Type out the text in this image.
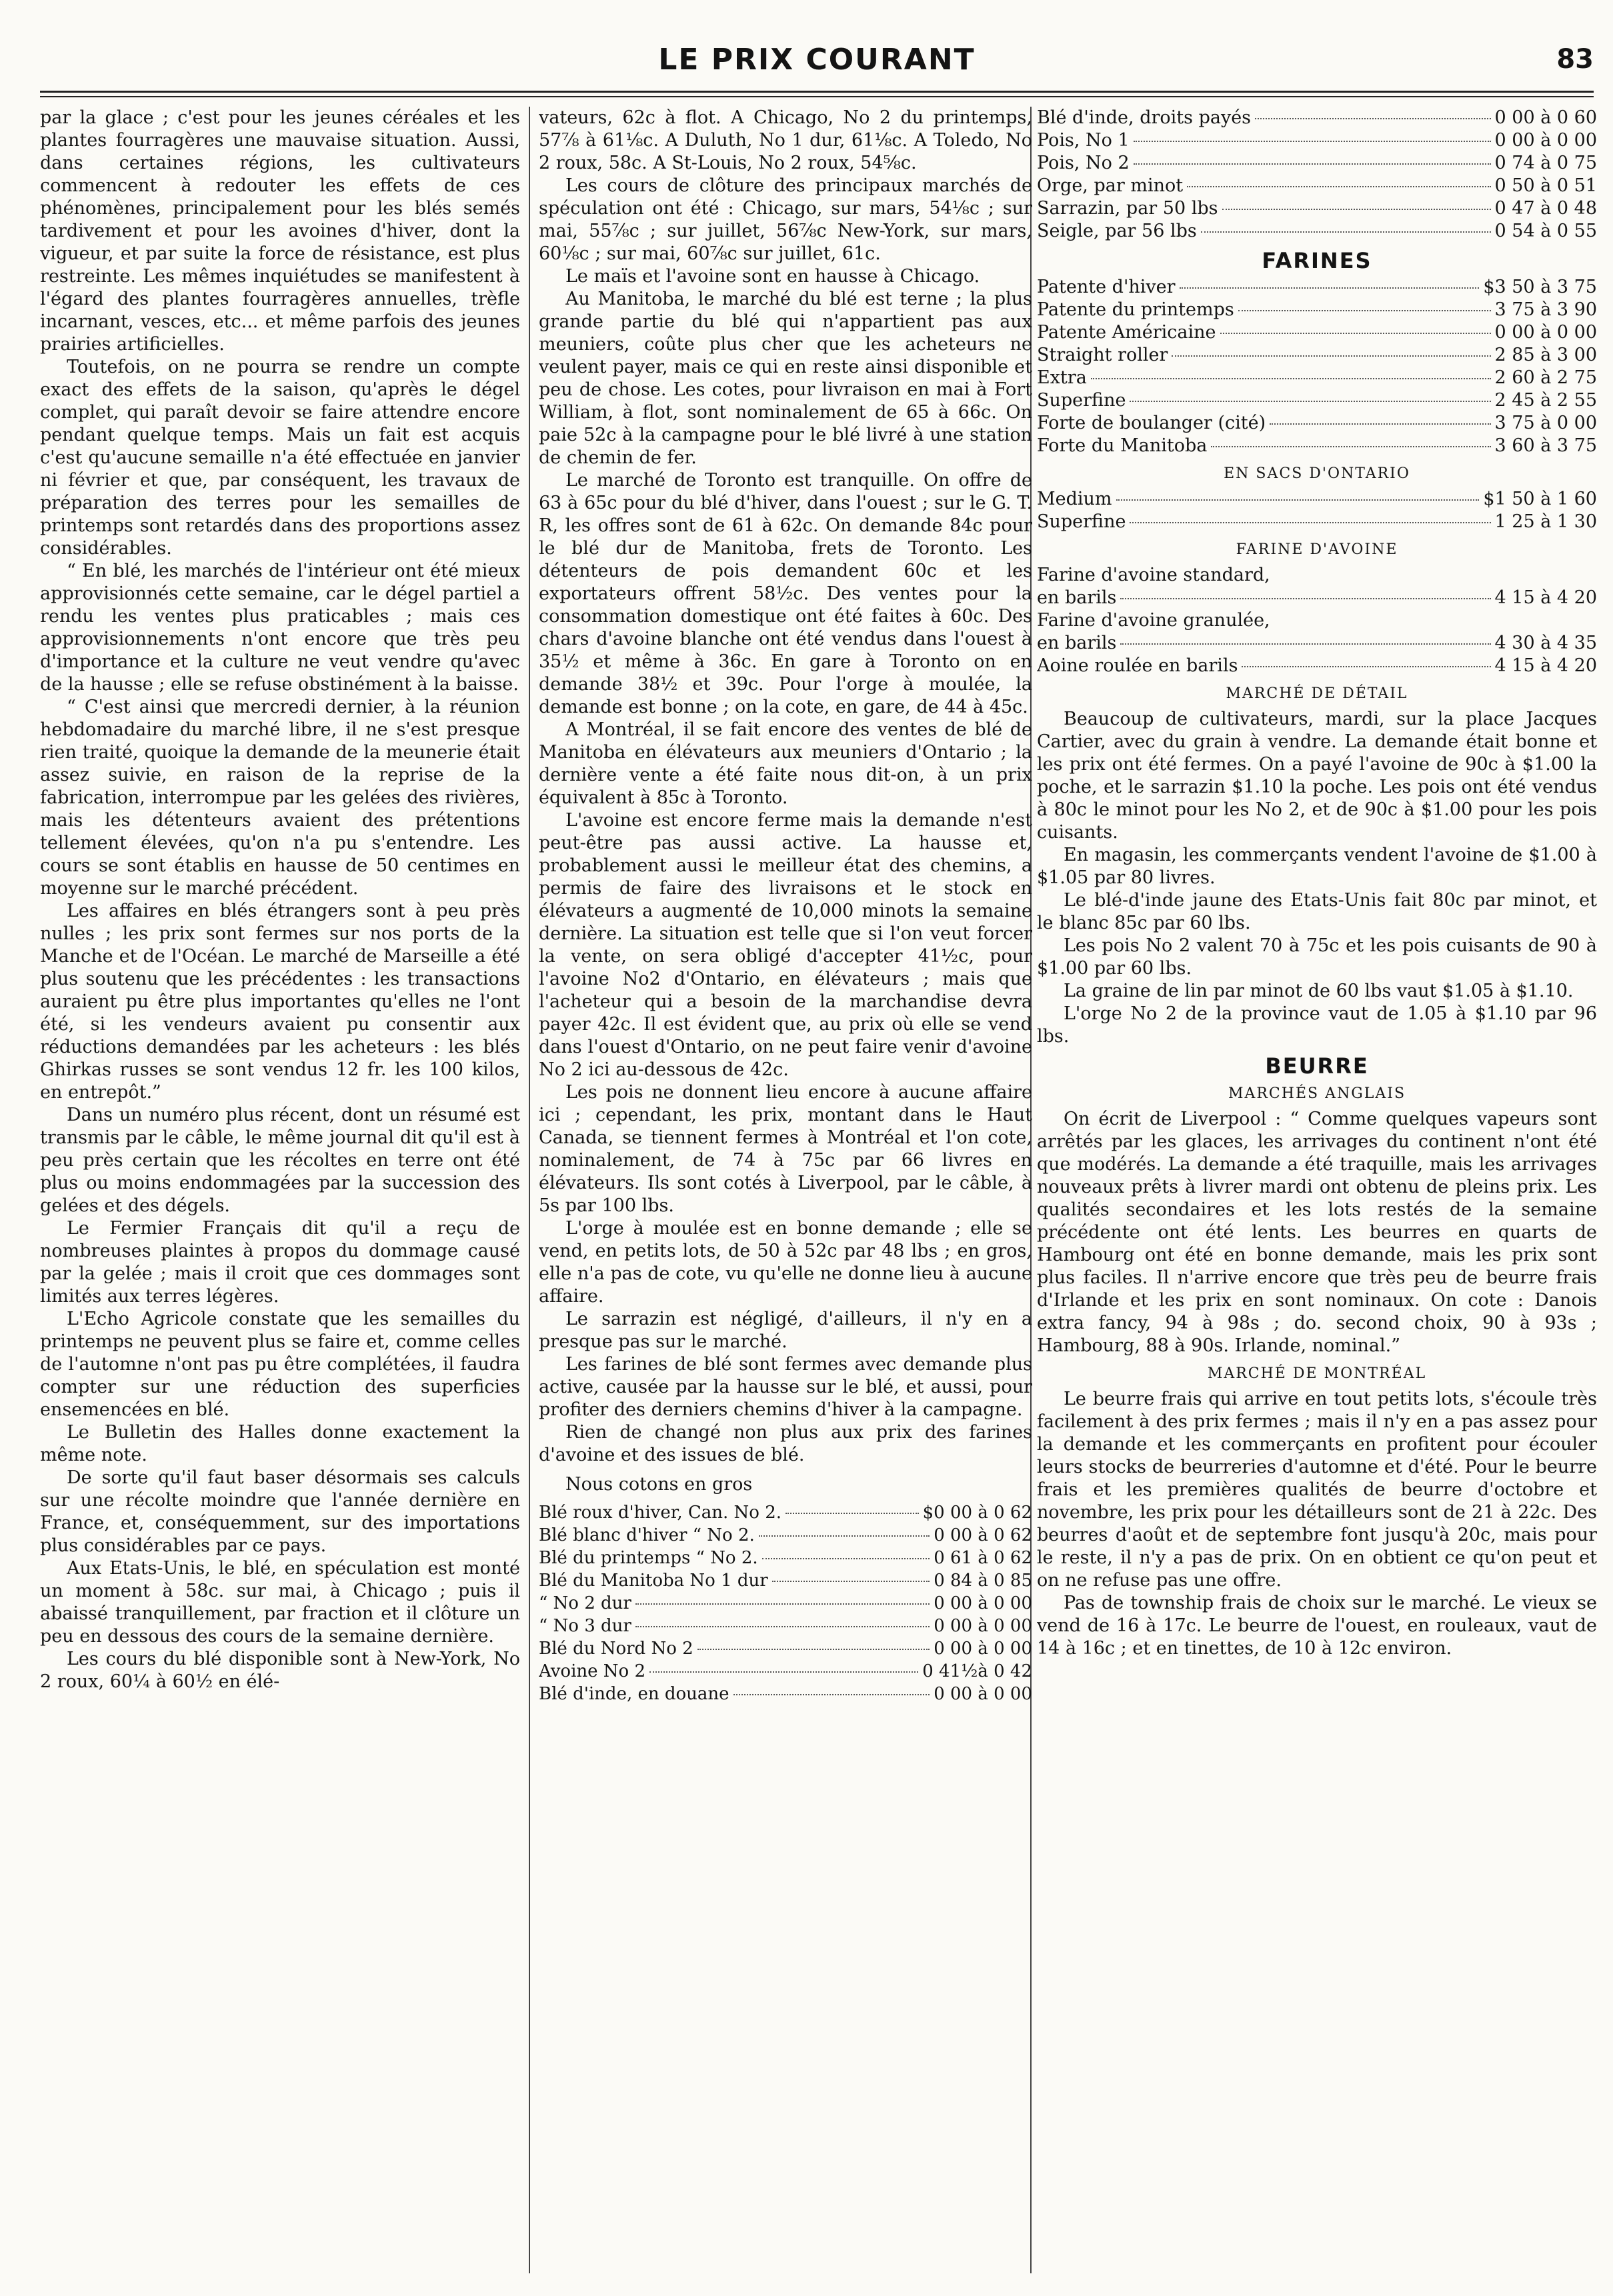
LE PRIX COURANT	83

par la glace ; c'est pour les jeunes céréales et les plantes fourragères une mauvaise situation. Aussi, dans certaines régions, les cultivateurs commencent à redouter les effets de ces phénomènes, principalement pour les blés semés tardivement et pour les avoines d'hiver, dont la vigueur, et par suite la force de résistance, est plus restreinte. Les mêmes inquiétudes se manifestent à l'égard des plantes fourragères annuelles, trèfle incarnant, vesces, etc... et même parfois des jeunes prairies artificielles.

Toutefois, on ne pourra se rendre un compte exact des effets de la saison, qu'après le dégel complet, qui paraît devoir se faire attendre encore pendant quelque temps. Mais un fait est acquis c'est qu'aucune semaille n'a été effectuée en janvier ni février et que, par conséquent, les travaux de préparation des terres pour les semailles de printemps sont retardés dans des proportions assez considérables.

“ En blé, les marchés de l'intérieur ont été mieux approvisionnés cette semaine, car le dégel partiel a rendu les ventes plus praticables ; mais ces approvisionnements n'ont encore que très peu d'importance et la culture ne veut vendre qu'avec de la hausse ; elle se refuse obstinément à la baisse.

“ C'est ainsi que mercredi dernier, à la réunion hebdomadaire du marché libre, il ne s'est presque rien traité, quoique la demande de la meunerie était assez suivie, en raison de la reprise de la fabrication, interrompue par les gelées des rivières, mais les détenteurs avaient des prétentions tellement élevées, qu'on n'a pu s'entendre. Les cours se sont établis en hausse de 50 centimes en moyenne sur le marché précédent.

Les affaires en blés étrangers sont à peu près nulles ; les prix sont fermes sur nos ports de la Manche et de l'Océan. Le marché de Marseille a été plus soutenu que les précédentes : les transactions auraient pu être plus importantes qu'elles ne l'ont été, si les vendeurs avaient pu consentir aux réductions demandées par les acheteurs : les blés Ghirkas russes se sont vendus 12 fr. les 100 kilos, en entrepôt.”

Dans un numéro plus récent, dont un résumé est transmis par le câble, le même journal dit qu'il est à peu près certain que les récoltes en terre ont été plus ou moins endommagées par la succession des gelées et des dégels.

Le Fermier Français dit qu'il a reçu de nombreuses plaintes à propos du dommage causé par la gelée ; mais il croit que ces dommages sont limités aux terres légères.

L'Echo Agricole constate que les semailles du printemps ne peuvent plus se faire et, comme celles de l'automne n'ont pas pu être complétées, il faudra compter sur une réduction des superficies ensemencées en blé.

Le Bulletin des Halles donne exactement la même note.

De sorte qu'il faut baser désormais ses calculs sur une récolte moindre que l'année dernière en France, et, conséquemment, sur des importations plus considérables par ce pays.

Aux Etats-Unis, le blé, en spéculation est monté un moment à 58c. sur mai, à Chicago ; puis il abaissé tranquillement, par fraction et il clôture un peu en dessous des cours de la semaine dernière.

Les cours du blé disponible sont à New-York, No 2 roux, 60¼ à 60½ en élé-

vateurs, 62c à flot. A Chicago, No 2 du printemps, 57⅞ à 61⅛c. A Duluth, No 1 dur, 61⅛c. A Toledo, No 2 roux, 58c. A St-Louis, No 2 roux, 54⅝c.

Les cours de clôture des principaux marchés de spéculation ont été : Chicago, sur mars, 54⅛c ; sur mai, 55⅞c ; sur juillet, 56⅞c New-York, sur mars, 60⅛c ; sur mai, 60⅞c sur juillet, 61c.

Le maïs et l'avoine sont en hausse à Chicago.

Au Manitoba, le marché du blé est terne ; la plus grande partie du blé qui n'appartient pas aux meuniers, coûte plus cher que les acheteurs ne veulent payer, mais ce qui en reste ainsi disponible et peu de chose. Les cotes, pour livraison en mai à Fort William, à flot, sont nominalement de 65 à 66c. On paie 52c à la campagne pour le blé livré à une station de chemin de fer.

Le marché de Toronto est tranquille. On offre de 63 à 65c pour du blé d'hiver, dans l'ouest ; sur le G. T. R, les offres sont de 61 à 62c. On demande 84c pour le blé dur de Manitoba, frets de Toronto. Les détenteurs de pois demandent 60c et les exportateurs offrent 58½c. Des ventes pour la consommation domestique ont été faites à 60c. Des chars d'avoine blanche ont été vendus dans l'ouest à 35½ et même à 36c. En gare à Toronto on en demande 38½ et 39c. Pour l'orge à moulée, la demande est bonne ; on la cote, en gare, de 44 à 45c.

A Montréal, il se fait encore des ventes de blé de Manitoba en élévateurs aux meuniers d'Ontario ; la dernière vente a été faite nous dit-on, à un prix équivalent à 85c à Toronto.

L'avoine est encore ferme mais la demande n'est peut-être pas aussi active. La hausse et, probablement aussi le meilleur état des chemins, a permis de faire des livraisons et le stock en élévateurs a augmenté de 10,000 minots la semaine dernière. La situation est telle que si l'on veut forcer la vente, on sera obligé d'accepter 41½c, pour l'avoine No2 d'Ontario, en élévateurs ; mais que l'acheteur qui a besoin de la marchandise devra payer 42c. Il est évident que, au prix où elle se vend dans l'ouest d'Ontario, on ne peut faire venir d'avoine No 2 ici au-dessous de 42c.

Les pois ne donnent lieu encore à aucune affaire ici ; cependant, les prix, montant dans le Haut Canada, se tiennent fermes à Montréal et l'on cote, nominalement, de 74 à 75c par 66 livres en élévateurs. Ils sont cotés à Liverpool, par le câble, à 5s par 100 lbs.

L'orge à moulée est en bonne demande ; elle se vend, en petits lots, de 50 à 52c par 48 lbs ; en gros, elle n'a pas de cote, vu qu'elle ne donne lieu à aucune affaire.

Le sarrazin est négligé, d'ailleurs, il n'y en a presque pas sur le marché.

Les farines de blé sont fermes avec demande plus active, causée par la hausse sur le blé, et aussi, pour profiter des derniers chemins d'hiver à la campagne.

Rien de changé non plus aux prix des farines d'avoine et des issues de blé.

Nous cotons en gros
Blé roux d'hiver, Can. No 2.	$0 00 à 0 62
Blé blanc d'hiver “ No 2.	0 00 à 0 62
Blé du printemps “ No 2.	0 61 à 0 62
Blé du Manitoba No 1 dur	0 84 à 0 85
“ No 2 dur	0 00 à 0 00
“ No 3 dur	0 00 à 0 00
Blé du Nord No 2	0 00 à 0 00
Avoine No 2	0 41½à 0 42
Blé d'inde, en douane	0 00 à 0 00
Blé d'inde, droits payés	0 00 à 0 60
Pois, No 1	0 00 à 0 00
Pois, No 2	0 74 à 0 75
Orge, par minot	0 50 à 0 51
Sarrazin, par 50 lbs	0 47 à 0 48
Seigle, par 56 lbs	0 54 à 0 55
FARINES
Patente d'hiver	$3 50 à 3 75
Patente du printemps	3 75 à 3 90
Patente Américaine	0 00 à 0 00
Straight roller	2 85 à 3 00
Extra	2 60 à 2 75
Superfine	2 45 à 2 55
Forte de boulanger (cité)	3 75 à 0 00
Forte du Manitoba	3 60 à 3 75
EN SACS D'ONTARIO
Medium	$1 50 à 1 60
Superfine	1 25 à 1 30
FARINE D'AVOINE
Farine d'avoine standard,
en barils	4 15 à 4 20
Farine d'avoine granulée,
en barils	4 30 à 4 35
Aoine roulée en barils	4 15 à 4 20
MARCHÉ DE DÉTAIL

Beaucoup de cultivateurs, mardi, sur la place Jacques Cartier, avec du grain à vendre. La demande était bonne et les prix ont été fermes. On a payé l'avoine de 90c à $1.00 la poche, et le sarrazin $1.10 la poche. Les pois ont été vendus à 80c le minot pour les No 2, et de 90c à $1.00 pour les pois cuisants.

En magasin, les commerçants vendent l'avoine de $1.00 à $1.05 par 80 livres.

Le blé-d'inde jaune des Etats-Unis fait 80c par minot, et le blanc 85c par 60 lbs.

Les pois No 2 valent 70 à 75c et les pois cuisants de 90 à $1.00 par 60 lbs.

La graine de lin par minot de 60 lbs vaut $1.05 à $1.10.

L'orge No 2 de la province vaut de 1.05 à $1.10 par 96 lbs.

BEURRE
MARCHÉS ANGLAIS

On écrit de Liverpool : “ Comme quelques vapeurs sont arrêtés par les glaces, les arrivages du continent n'ont été que modérés. La demande a été traquille, mais les arrivages nouveaux prêts à livrer mardi ont obtenu de pleins prix. Les qualités secondaires et les lots restés de la semaine précédente ont été lents. Les beurres en quarts de Hambourg ont été en bonne demande, mais les prix sont plus faciles. Il n'arrive encore que très peu de beurre frais d'Irlande et les prix en sont nominaux. On cote : Danois extra fancy, 94 à 98s ; do. second choix, 90 à 93s ; Hambourg, 88 à 90s. Irlande, nominal.”

MARCHÉ DE MONTRÉAL

Le beurre frais qui arrive en tout petits lots, s'écoule très facilement à des prix fermes ; mais il n'y en a pas assez pour la demande et les commerçants en profitent pour écouler leurs stocks de beurreries d'automne et d'été. Pour le beurre frais et les premières qualités de beurre d'octobre et novembre, les prix pour les détailleurs sont de 21 à 22c. Des beurres d'août et de septembre font jusqu'à 20c, mais pour le reste, il n'y a pas de prix. On en obtient ce qu'on peut et on ne refuse pas une offre.

Pas de township frais de choix sur le marché. Le vieux se vend de 16 à 17c. Le beurre de l'ouest, en rouleaux, vaut de 14 à 16c ; et en tinettes, de 10 à 12c environ.
